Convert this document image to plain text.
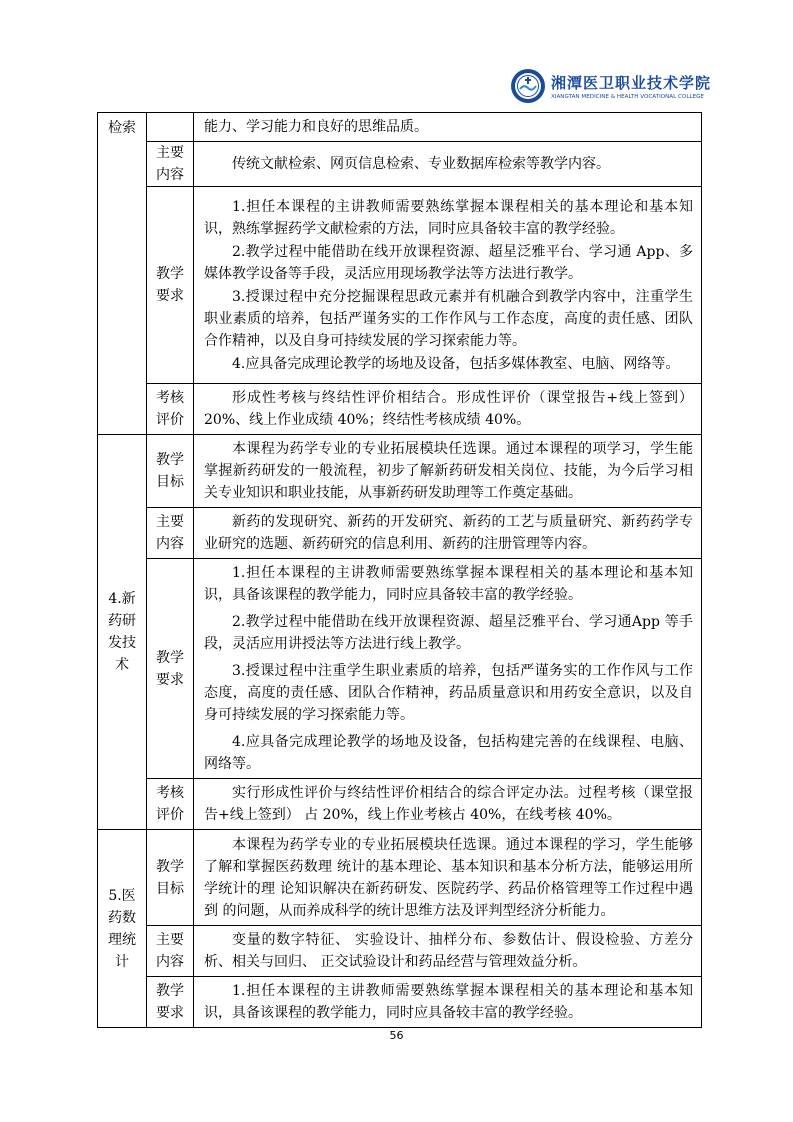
湘潭医卫职业技术学院
XIANGTAN MEDICINE & HEALTH VOCATIONAL COLLEGE
检索		能力、学习能力和良好的思维品质。
	主要内容	传统文献检索、网页信息检索、专业数据库检索等教学内容。

	教学要求	1.担任本课程的主讲教师需要熟练掌握本课程相关的基本理论和基本知识，熟练掌握药学文献检索的方法，同时应具备较丰富的教学经验。

2.教学过程中能借助在线开放课程资源、超星泛雅平台、学习通 App、多媒体教学设备等手段，灵活应用现场教学法等方法进行教学。

3.授课过程中充分挖掘课程思政元素并有机融合到教学内容中，注重学生职业素质的培养，包括严谨务实的工作作风与工作态度，高度的责任感、团队合作精神，以及自身可持续发展的学习探索能力等。

4.应具备完成理论教学的场地及设备，包括多媒体教室、电脑、网络等。

	考核评价	形成性考核与终结性评价相结合。形成性评价（课堂报告+线上签到） 20%、线上作业成绩 40%；终结性考核成绩 40%。

4.新药研发技术	教学目标	本课程为药学专业的专业拓展模块任选课。通过本课程的项学习，学生能掌握新药研发的一般流程，初步了解新药研发相关岗位、技能，为今后学习相关专业知识和职业技能，从事新药研发助理等工作奠定基础。

	主要内容	新药的发现研究、新药的开发研究、新药的工艺与质量研究、新药药学专业研究的选题、新药研究的信息利用、新药的注册管理等内容。

	教学要求	1.担任本课程的主讲教师需要熟练掌握本课程相关的基本理论和基本知识，具备该课程的教学能力，同时应具备较丰富的教学经验。

2.教学过程中能借助在线开放课程资源、超星泛雅平台、学习通App 等手段，灵活应用讲授法等方法进行线上教学。

3.授课过程中注重学生职业素质的培养，包括严谨务实的工作作风与工作态度，高度的责任感、团队合作精神，药品质量意识和用药安全意识，以及自身可持续发展的学习探索能力等。

4.应具备完成理论教学的场地及设备，包括构建完善的在线课程、电脑、网络等。

	考核评价	实行形成性评价与终结性评价相结合的综合评定办法。过程考核（课堂报告+线上签到） 占 20%，线上作业考核占 40%，在线考核 40%。

5.医药数理统计	教学目标	本课程为药学专业的专业拓展模块任选课。通过本课程的学习，学生能够了解和掌握医药数理 统计的基本理论、基本知识和基本分析方法，能够运用所学统计的理 论知识解决在新药研发、医院药学、药品价格管理等工作过程中遇到 的问题，从而养成科学的统计思维方法及评判型经济分析能力。

	主要内容	变量的数字特征、 实验设计、抽样分布、参数估计、假设检验、方差分析、相关与回归、 正交试验设计和药品经营与管理效益分析。

	教学要求	1.担任本课程的主讲教师需要熟练掌握本课程相关的基本理论和基本知识，具备该课程的教学能力，同时应具备较丰富的教学经验。

56
